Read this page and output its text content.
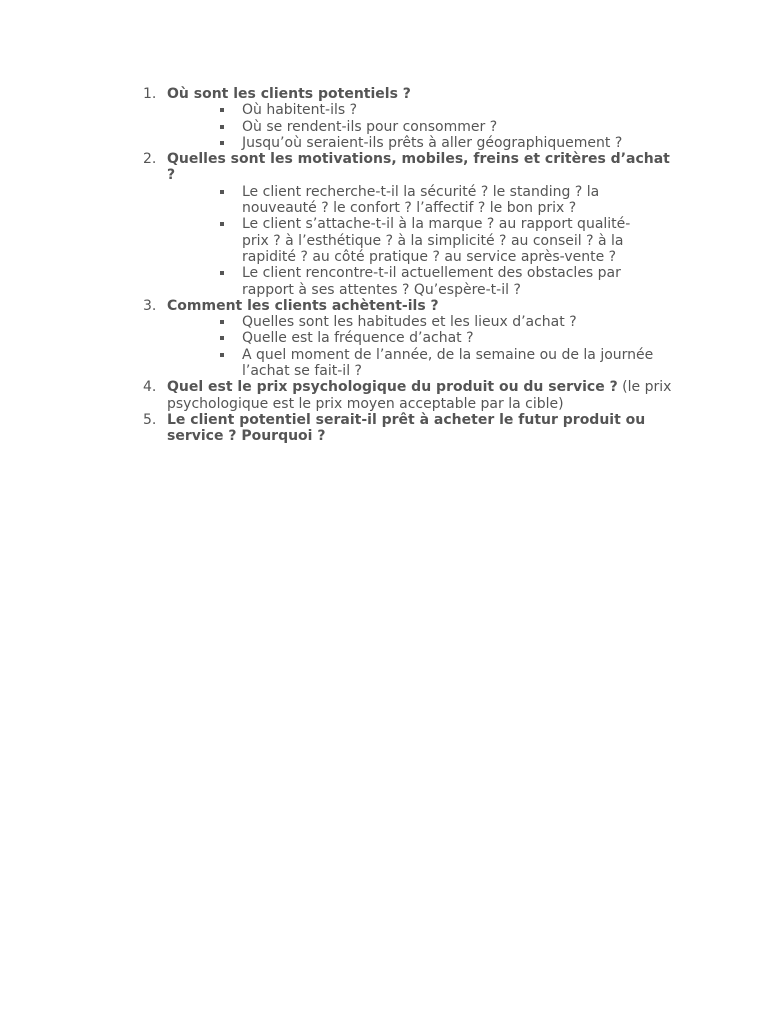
1. Où sont les clients potentiels ?
Où habitent-ils ?
Où se rendent-ils pour consommer ?
Jusqu’où seraient-ils prêts à aller géographiquement ?
2. Quelles sont les motivations, mobiles, freins et critères d’achat ?
Le client recherche-t-il la sécurité ? le standing ? la nouveauté ? le confort ? l’affectif ? le bon prix ?
Le client s’attache-t-il à la marque ? au rapport qualité-prix ? à l’esthétique ? à la simplicité ? au conseil ? à la rapidité ? au côté pratique ? au service après-vente ?
Le client rencontre-t-il actuellement des obstacles par rapport à ses attentes ? Qu’espère-t-il ?
3. Comment les clients achètent-ils ?
Quelles sont les habitudes et les lieux d’achat ?
Quelle est la fréquence d’achat ?
A quel moment de l’année, de la semaine ou de la journée l’achat se fait-il ?
4. Quel est le prix psychologique du produit ou du service ? (le prix psychologique est le prix moyen acceptable par la cible)
5. Le client potentiel serait-il prêt à acheter le futur produit ou service ? Pourquoi ?
